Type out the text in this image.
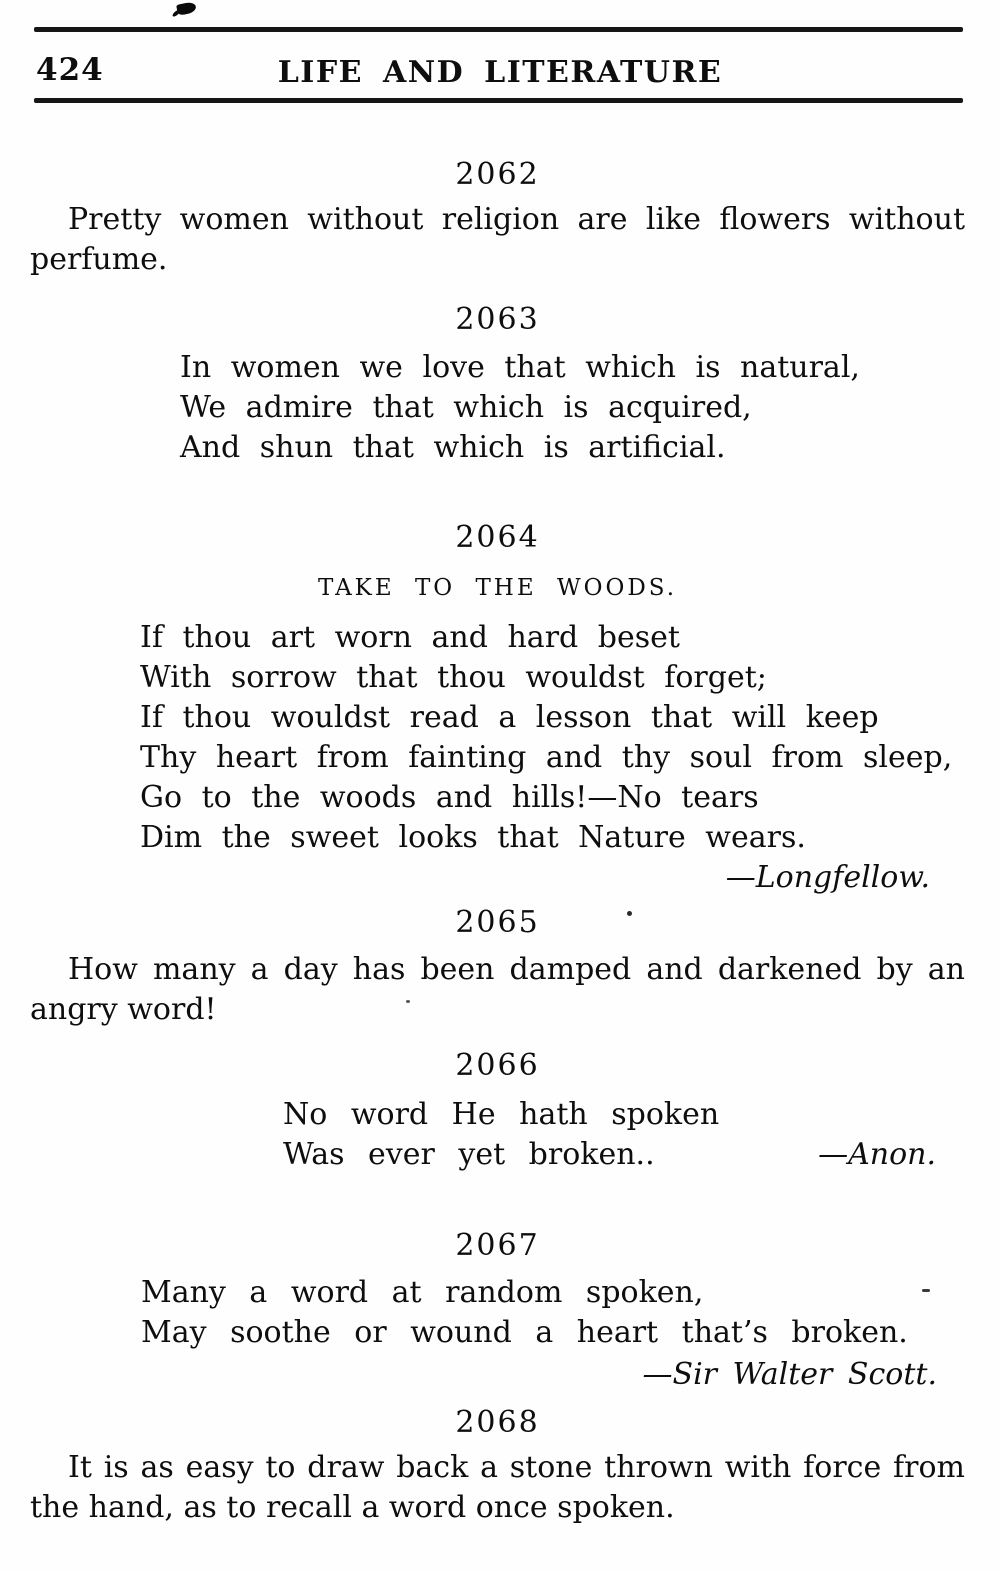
424	LIFE AND LITERATURE
2062
Pretty women without religion are like flowers without
perfume.
2063
In women we love that which is natural,
We admire that which is acquired,
And shun that which is artificial.
2064
TAKE TO THE WOODS.
If thou art worn and hard beset
With sorrow that thou wouldst forget;
If thou wouldst read a lesson that will keep
Thy heart from fainting and thy soul from sleep,
Go to the woods and hills!—No tears
Dim the sweet looks that Nature wears.
—Longfellow.
2065
How many a day has been damped and darkened by an
angry word!
2066
No word He hath spoken
Was ever yet broken..	—Anon.
2067
Many a word at random spoken,
May soothe or wound a heart that’s broken.
—Sir Walter Scott.
2068
It is as easy to draw back a stone thrown with force from
the hand, as to recall a word once spoken.
